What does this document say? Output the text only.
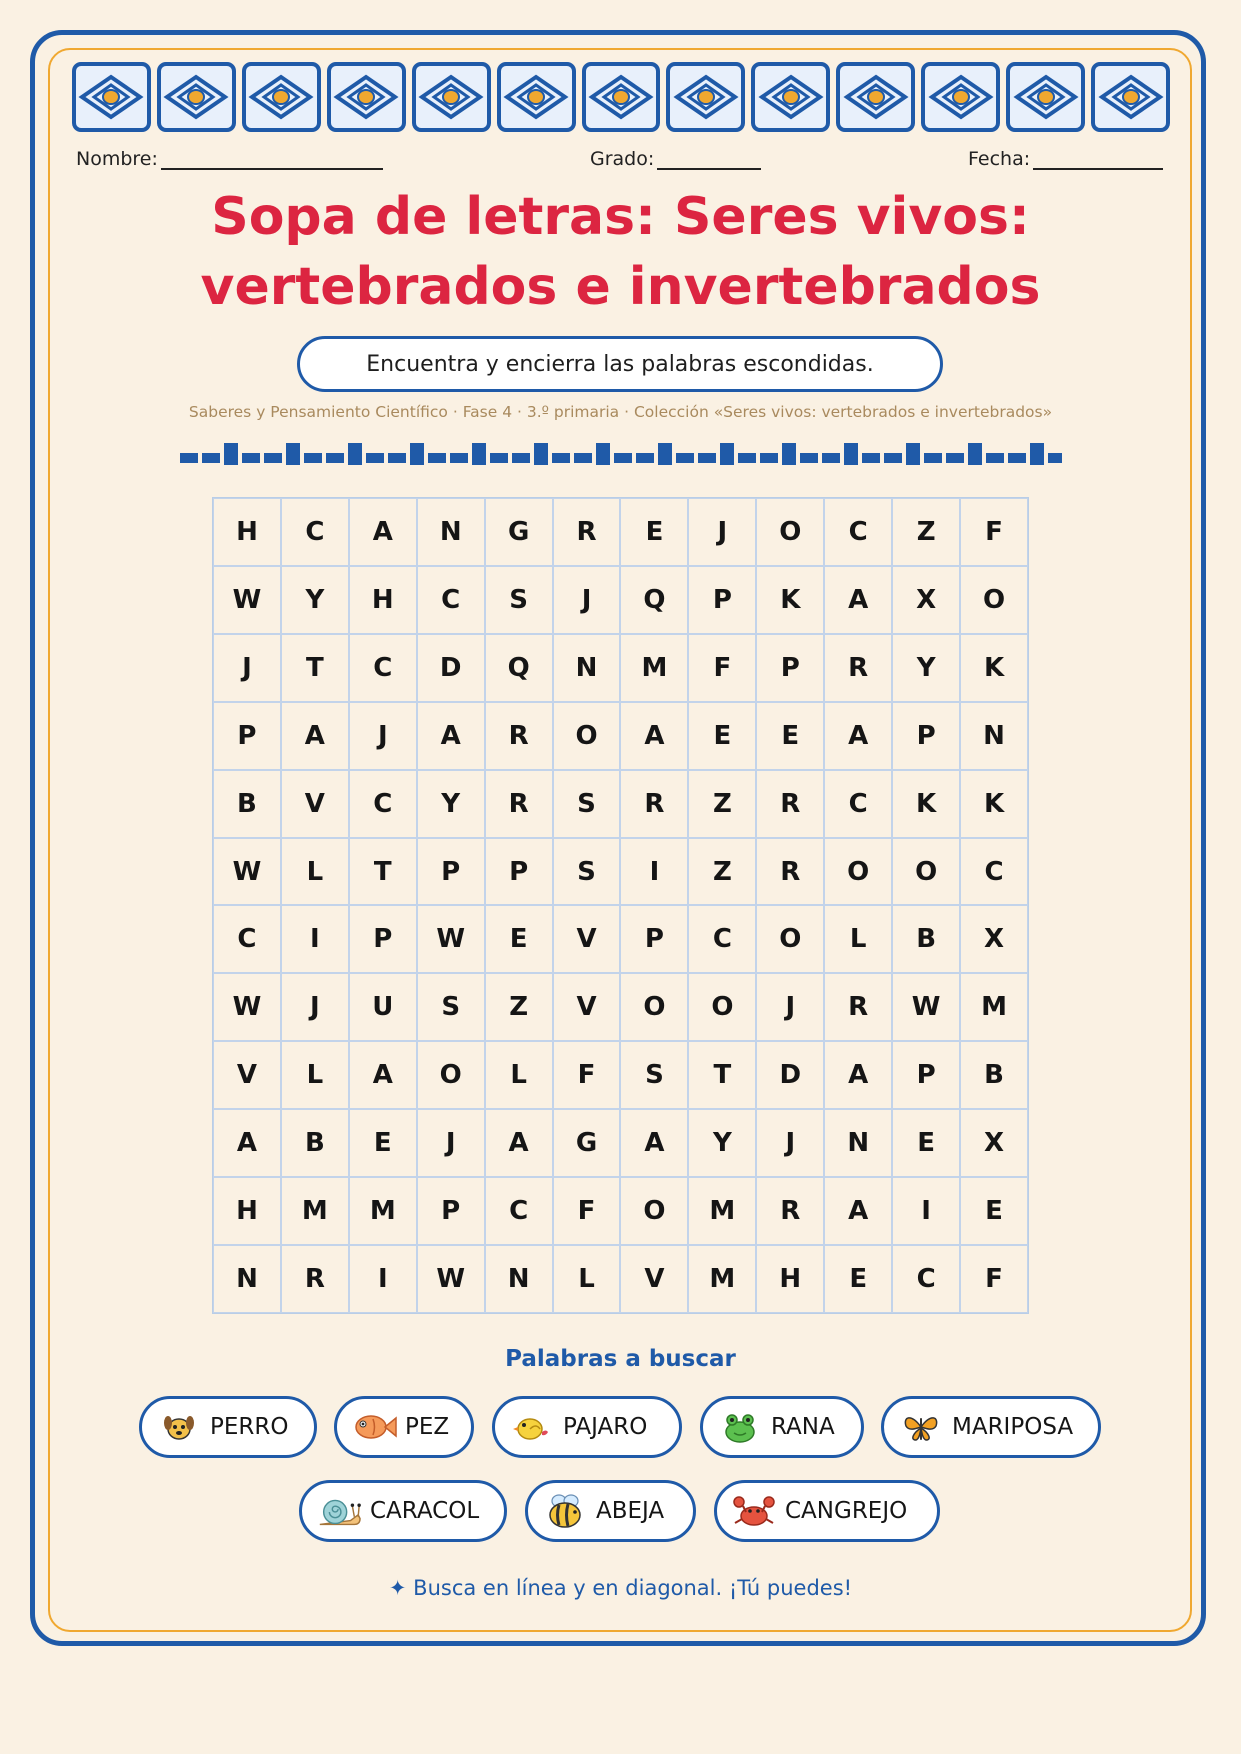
Nombre:	Grado:	Fecha:
Sopa de letras: Seres vivos: vertebrados e invertebrados
Encuentra y encierra las palabras escondidas.
Saberes y Pensamiento Científico · Fase 4 · 3.º primaria · Colección «Seres vivos: vertebrados e invertebrados»
H	C	A	N	G	R	E	J	O	C	Z	F
W	Y	H	C	S	J	Q	P	K	A	X	O
J	T	C	D	Q	N	M	F	P	R	Y	K
P	A	J	A	R	O	A	E	E	A	P	N
B	V	C	Y	R	S	R	Z	R	C	K	K
W	L	T	P	P	S	I	Z	R	O	O	C
C	I	P	W	E	V	P	C	O	L	B	X
W	J	U	S	Z	V	O	O	J	R	W	M
V	L	A	O	L	F	S	T	D	A	P	B
A	B	E	J	A	G	A	Y	J	N	E	X
H	M	M	P	C	F	O	M	R	A	I	E
N	R	I	W	N	L	V	M	H	E	C	F
Palabras a buscar
PERRO	PEZ	PAJARO	RANA	MARIPOSA
CARACOL	ABEJA	CANGREJO
✦ Busca en línea y en diagonal. ¡Tú puedes!
